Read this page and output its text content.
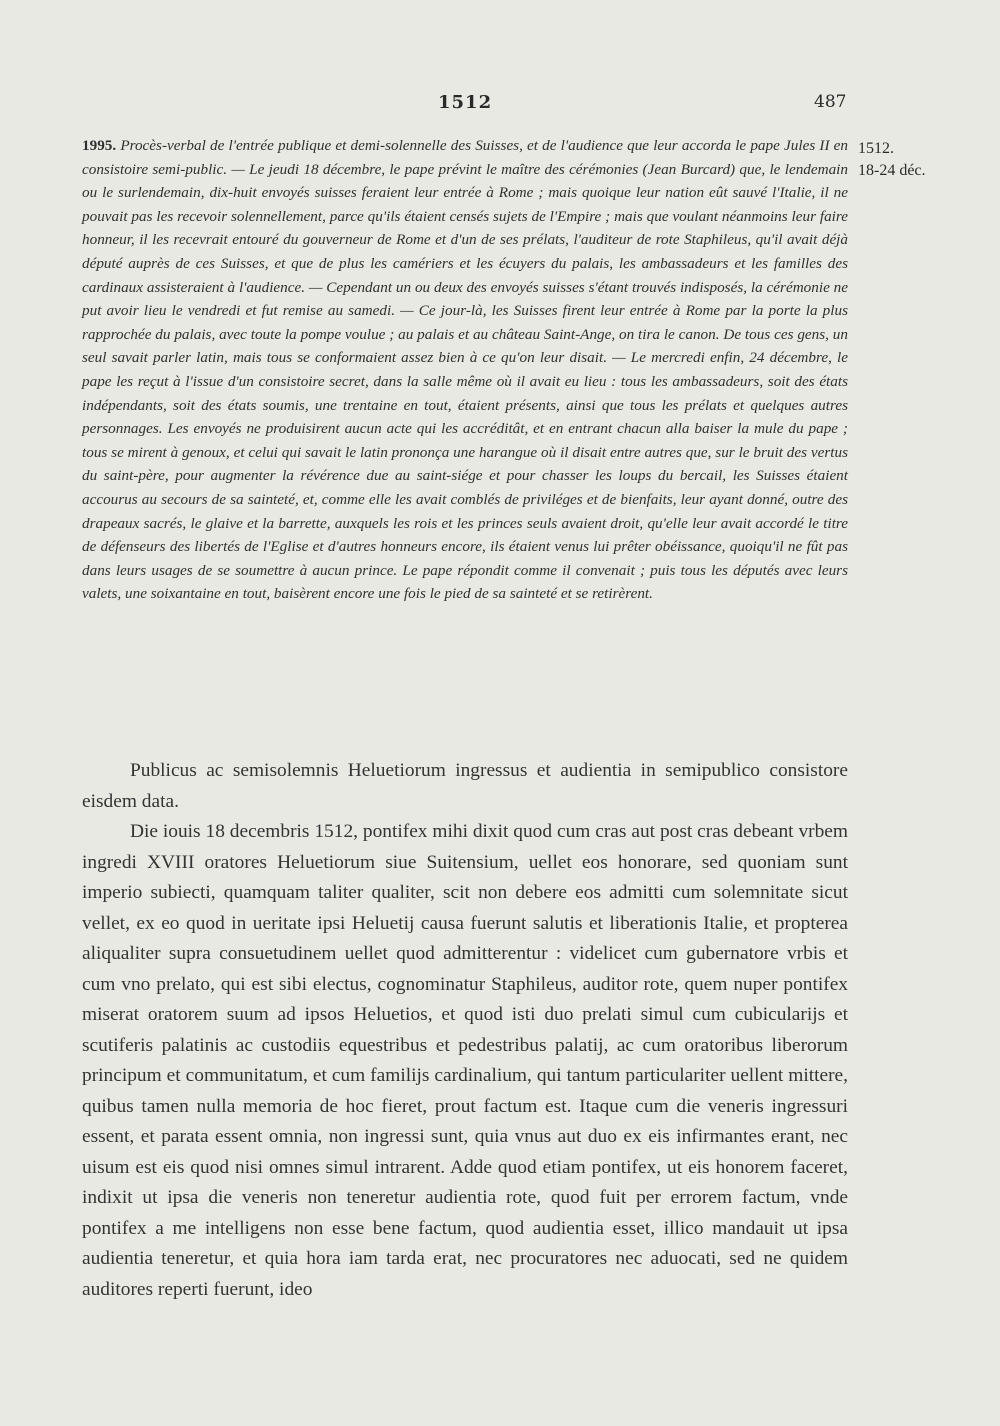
1512	487
1512.
18-24 déc.
1995. Procès-verbal de l'entrée publique et demi-solennelle des Suisses, et de l'audience que leur accorda le pape Jules II en consistoire semi-public. — Le jeudi 18 décembre, le pape prévint le maître des cérémonies (Jean Burcard) que, le lendemain ou le surlendemain, dix-huit envoyés suisses feraient leur entrée à Rome ; mais quoique leur nation eût sauvé l'Italie, il ne pouvait pas les recevoir solennellement, parce qu'ils étaient censés sujets de l'Empire ; mais que voulant néanmoins leur faire honneur, il les recevrait entouré du gouverneur de Rome et d'un de ses prélats, l'auditeur de rote Staphileus, qu'il avait déjà député auprès de ces Suisses, et que de plus les camériers et les écuyers du palais, les ambassadeurs et les familles des cardinaux assisteraient à l'audience. — Cependant un ou deux des envoyés suisses s'étant trouvés indisposés, la cérémonie ne put avoir lieu le vendredi et fut remise au samedi. — Ce jour-là, les Suisses firent leur entrée à Rome par la porte la plus rapprochée du palais, avec toute la pompe voulue ; au palais et au château Saint-Ange, on tira le canon. De tous ces gens, un seul savait parler latin, mais tous se conformaient assez bien à ce qu'on leur disait. — Le mercredi enfin, 24 décembre, le pape les reçut à l'issue d'un consistoire secret, dans la salle même où il avait eu lieu : tous les ambassadeurs, soit des états indépendants, soit des états soumis, une trentaine en tout, étaient présents, ainsi que tous les prélats et quelques autres personnages. Les envoyés ne produisirent aucun acte qui les accréditât, et en entrant chacun alla baiser la mule du pape ; tous se mirent à genoux, et celui qui savait le latin prononça une harangue où il disait entre autres que, sur le bruit des vertus du saint-père, pour augmenter la révérence due au saint-siége et pour chasser les loups du bercail, les Suisses étaient accourus au secours de sa sainteté, et, comme elle les avait comblés de priviléges et de bienfaits, leur ayant donné, outre des drapeaux sacrés, le glaive et la barrette, auxquels les rois et les princes seuls avaient droit, qu'elle leur avait accordé le titre de défenseurs des libertés de l'Eglise et d'autres honneurs encore, ils étaient venus lui prêter obéissance, quoiqu'il ne fût pas dans leurs usages de se soumettre à aucun prince. Le pape répondit comme il convenait ; puis tous les députés avec leurs valets, une soixantaine en tout, baisèrent encore une fois le pied de sa sainteté et se retirèrent.

Publicus ac semisolemnis Heluetiorum ingressus et audientia in semipublico consistore eisdem data.

Die iouis 18 decembris 1512, pontifex mihi dixit quod cum cras aut post cras debeant vrbem ingredi XVIII oratores Heluetiorum siue Suitensium, uellet eos honorare, sed quoniam sunt imperio subiecti, quamquam taliter qualiter, scit non debere eos admitti cum solemnitate sicut vellet, ex eo quod in ueritate ipsi Heluetij causa fuerunt salutis et liberationis Italie, et propterea aliqualiter supra consuetudinem uellet quod admitterentur : videlicet cum gubernatore vrbis et cum vno prelato, qui est sibi electus, cognominatur Staphileus, auditor rote, quem nuper pontifex miserat oratorem suum ad ipsos Heluetios, et quod isti duo prelati simul cum cubicularijs et scutiferis palatinis ac custodiis equestribus et pedestribus palatij, ac cum oratoribus liberorum principum et communitatum, et cum familijs cardinalium, qui tantum particulariter uellent mittere, quibus tamen nulla memoria de hoc fieret, prout factum est. Itaque cum die veneris ingressuri essent, et parata essent omnia, non ingressi sunt, quia vnus aut duo ex eis infirmantes erant, nec uisum est eis quod nisi omnes simul intrarent. Adde quod etiam pontifex, ut eis honorem faceret, indixit ut ipsa die veneris non teneretur audientia rote, quod fuit per errorem factum, vnde pontifex a me intelligens non esse bene factum, quod audientia esset, illico mandauit ut ipsa audientia teneretur, et quia hora iam tarda erat, nec procuratores nec aduocati, sed ne quidem auditores reperti fuerunt, ideo
